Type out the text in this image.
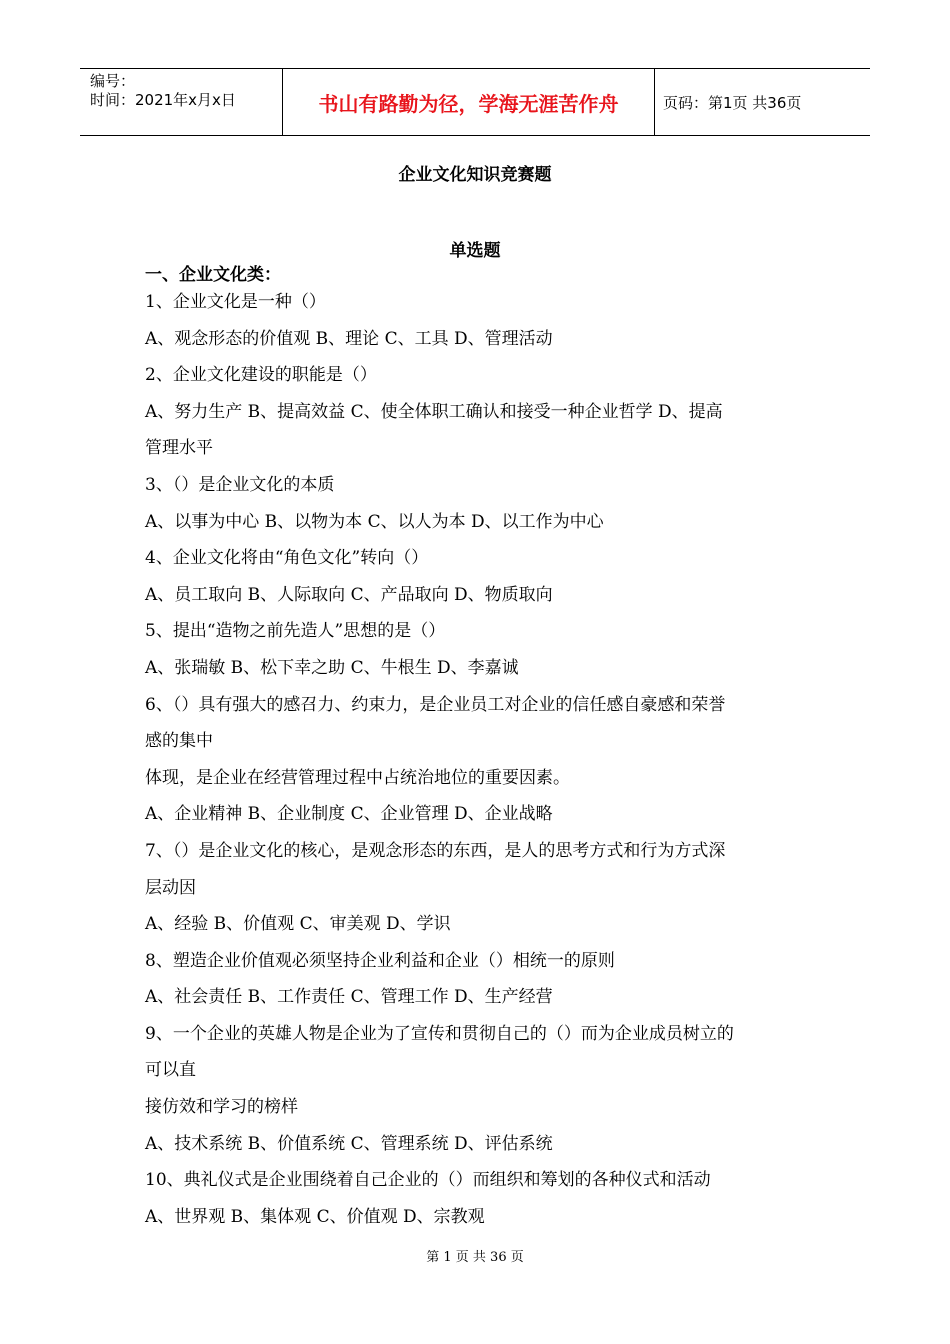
编号：
时间：2021年x月x日	书山有路勤为径，学海无涯苦作舟	页码：第1页 共36页
企业文化知识竞赛题
单选题
一、企业文化类：
1、企业文化是一种（）
A、观念形态的价值观 B、理论 C、工具 D、管理活动
2、企业文化建设的职能是（）
A、努力生产 B、提高效益 C、使全体职工确认和接受一种企业哲学 D、提高
管理水平
3、（）是企业文化的本质
A、以事为中心 B、以物为本 C、以人为本 D、以工作为中心
4、企业文化将由“角色文化”转向（）
A、员工取向 B、人际取向 C、产品取向 D、物质取向
5、提出“造物之前先造人”思想的是（）
A、张瑞敏 B、松下幸之助 C、牛根生 D、李嘉诚
6、（）具有强大的感召力、约束力，是企业员工对企业的信任感自豪感和荣誉
感的集中
体现，是企业在经营管理过程中占统治地位的重要因素。
A、企业精神 B、企业制度 C、企业管理 D、企业战略
7、（）是企业文化的核心，是观念形态的东西，是人的思考方式和行为方式深
层动因
A、经验 B、价值观 C、审美观 D、学识
8、塑造企业价值观必须坚持企业利益和企业（）相统一的原则
A、社会责任 B、工作责任 C、管理工作 D、生产经营
9、一个企业的英雄人物是企业为了宣传和贯彻自己的（）而为企业成员树立的
可以直
接仿效和学习的榜样
A、技术系统 B、价值系统 C、管理系统 D、评估系统
10、典礼仪式是企业围绕着自己企业的（）而组织和筹划的各种仪式和活动
A、世界观 B、集体观 C、价值观 D、宗教观
第 1 页 共 36 页
